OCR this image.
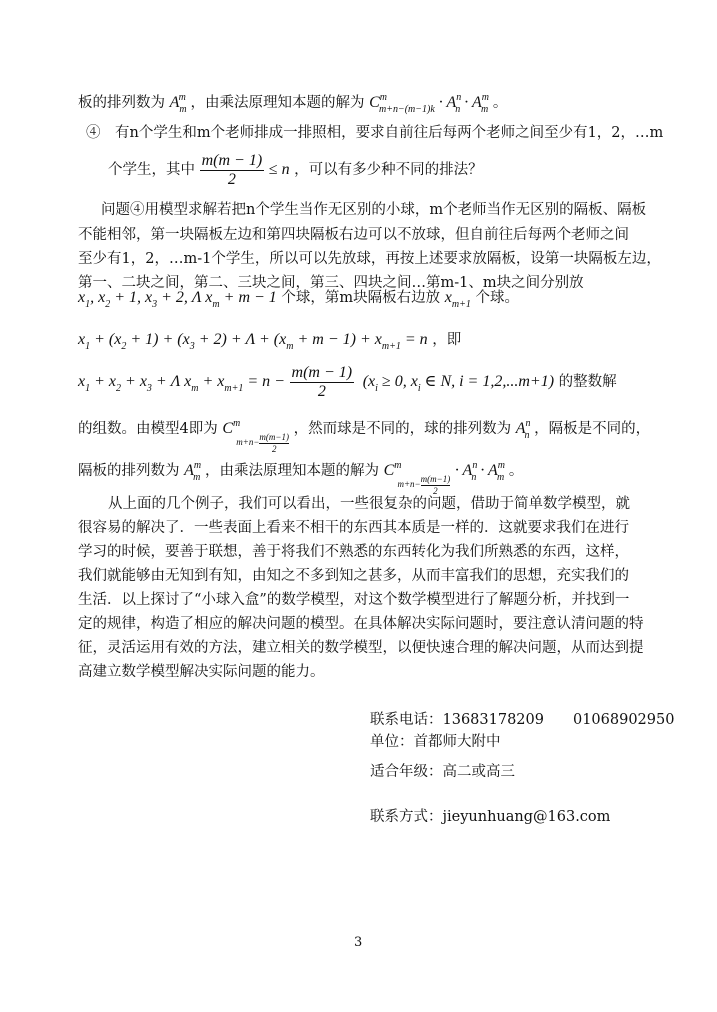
板的排列数为 $A_m^m$ ，由乘法原理知本题的解为 $C^m_{m+n-(m-1)k} \cdot A^n_n \cdot A^m_m$ 。
④　有n个学生和m个老师排成一排照相，要求自前往后每两个老师之间至少有1，2，…m
个学生，其中 $\frac{m(m - 1)}{2} \le n$ ，可以有多少种不同的排法？
问题④用模型求解若把n个学生当作无区别的小球，m个老师当作无区别的隔板、隔板
不能相邻，第一块隔板左边和第四块隔板右边可以不放球，但自前往后每两个老师之间
至少有1，2，…m-1个学生，所以可以先放球，再按上述要求放隔板，设第一块隔板左边，
第一、二块之间，第二、三块之间，第三、四块之间…第m-1、m块之间分别放
$x_1$, $x_2 + 1$, $x_3 + 2$, Λ $x_m + m - 1$ 个球，第m块隔板右边放 $x_{m+1}$ 个球。
$x_1 + (x_2 + 1) + (x_3 + 2) + \Lambda + (x_m + m - 1) + x_{m+1} = n$ ，即
$x_1 + x_2 + x_3 + \Lambda$ $x_m + x_{m+1} = n - \frac{m(m - 1)}{2} (x_i \ge 0$, $x_i$ ∈ N, i = 1,2,...m+1) 的整数解
的组数。由模型4即为 $C^m$
$m+n- \frac{m(m-1)}{2}$
，然而球是不同的，球的排列数为 $A^n_n$ ，隔板是不同的，
隔板的排列数为 $A^m_m$ ，由乘法原理知本题的解为 $C^m$
$m+n- \frac{m(m-1)}{2}$
· $A^n_n \cdot A^m_m$ 。
从上面的几个例子，我们可以看出，一些很复杂的问题，借助于简单数学模型，就
很容易的解决了．一些表面上看来不相干的东西其本质是一样的．这就要求我们在进行
学习的时候，要善于联想，善于将我们不熟悉的东西转化为我们所熟悉的东西，这样，
我们就能够由无知到有知，由知之不多到知之甚多，从而丰富我们的思想，充实我们的
生活．以上探讨了“小球入盒”的数学模型，对这个数学模型进行了解题分析，并找到一
定的规律，构造了相应的解决问题的模型。在具体解决实际问题时，要注意认清问题的特
征，灵活运用有效的方法，建立相关的数学模型，以便快速合理的解决问题，从而达到提
高建立数学模型解决实际问题的能力。
联系电话：13683178209　　01068902950
单位：首都师大附中
适合年级：高二或高三
联系方式：jieyunhuang@163.com
3
